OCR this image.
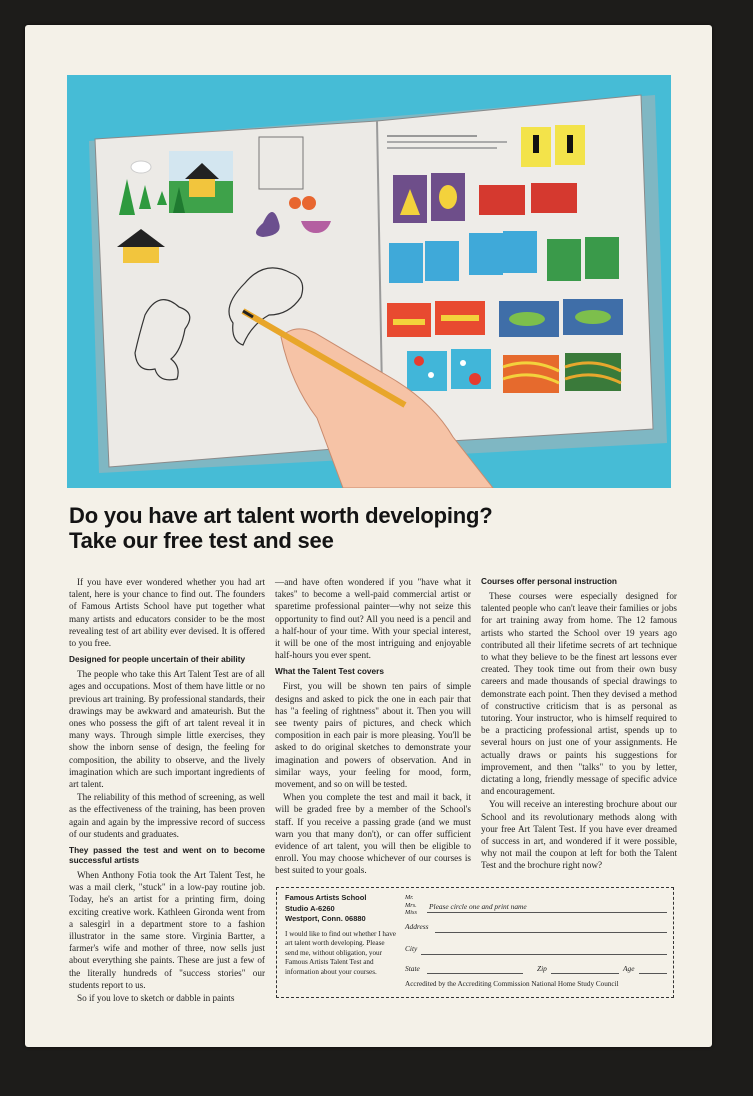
Do you have art talent worth developing?
Take our free test and see

If you have ever wondered whether you had art talent, here is your chance to find out. The founders of Famous Artists School have put together what many artists and educators consider to be the most revealing test of art ability ever devised. It is offered to you free.

Designed for people uncertain of their ability

The people who take this Art Talent Test are of all ages and occupations. Most of them have little or no previous art training. By professional standards, their drawings may be awkward and amateurish. But the ones who possess the gift of art talent reveal it in many ways. Through simple little exercises, they show the inborn sense of design, the feeling for composition, the ability to observe, and the lively imagination which are such important ingredients of art talent.

The reliability of this method of screening, as well as the effectiveness of the training, has been proven again and again by the impressive record of success of our students and graduates.

They passed the test and went on to become successful artists

When Anthony Fotia took the Art Talent Test, he was a mail clerk, "stuck" in a low-pay routine job. Today, he's an artist for a printing firm, doing exciting creative work. Kathleen Gironda went from a salesgirl in a department store to a fashion illustrator in the same store. Virginia Bartter, a farmer's wife and mother of three, now sells just about everything she paints. These are just a few of the literally hundreds of "success stories" our students report to us.

So if you love to sketch or dabble in paints

—and have often wondered if you "have what it takes" to become a well-paid commercial artist or sparetime professional painter—why not seize this opportunity to find out? All you need is a pencil and a half-hour of your time. With your special interest, it will be one of the most intriguing and enjoyable half-hours you ever spent.

What the Talent Test covers

First, you will be shown ten pairs of simple designs and asked to pick the one in each pair that has "a feeling of rightness" about it. Then you will see twenty pairs of pictures, and check which composition in each pair is more pleasing. You'll be asked to do original sketches to demonstrate your imagination and powers of observation. And in similar ways, your feeling for mood, form, movement, and so on will be tested.

When you complete the test and mail it back, it will be graded free by a member of the School's staff. If you receive a passing grade (and we must warn you that many don't), or can offer sufficient evidence of art talent, you will then be eligible to enroll. You may choose whichever of our courses is best suited to your goals.

Courses offer personal instruction

These courses were especially designed for talented people who can't leave their families or jobs for art training away from home. The 12 famous artists who started the School over 19 years ago contributed all their lifetime secrets of art technique to what they believe to be the finest art lessons ever created. They took time out from their own busy careers and made thousands of special drawings to demonstrate each point. Then they devised a method of constructive criticism that is as personal as tutoring. Your instructor, who is himself required to be a practicing professional artist, spends up to several hours on just one of your assignments. He actually draws or paints his suggestions for improvement, and then "talks" to you by letter, dictating a long, friendly message of specific advice and encouragement.

You will receive an interesting brochure about our School and its revolutionary methods along with your free Art Talent Test. If you have ever dreamed of success in art, and wondered if it were possible, why not mail the coupon at left for both the Talent Test and the brochure right now?

Famous Artists School
Studio A-6260
Westport, Conn. 06880
I would like to find out whether I have art talent worth developing. Please send me, without obligation, your Famous Artists Talent Test and information about your courses.
Mr.
Mrs.
Miss
Please circle one and print name
Address
City
State	Zip	Age
Accredited by the Accrediting Commission National Home Study Council
